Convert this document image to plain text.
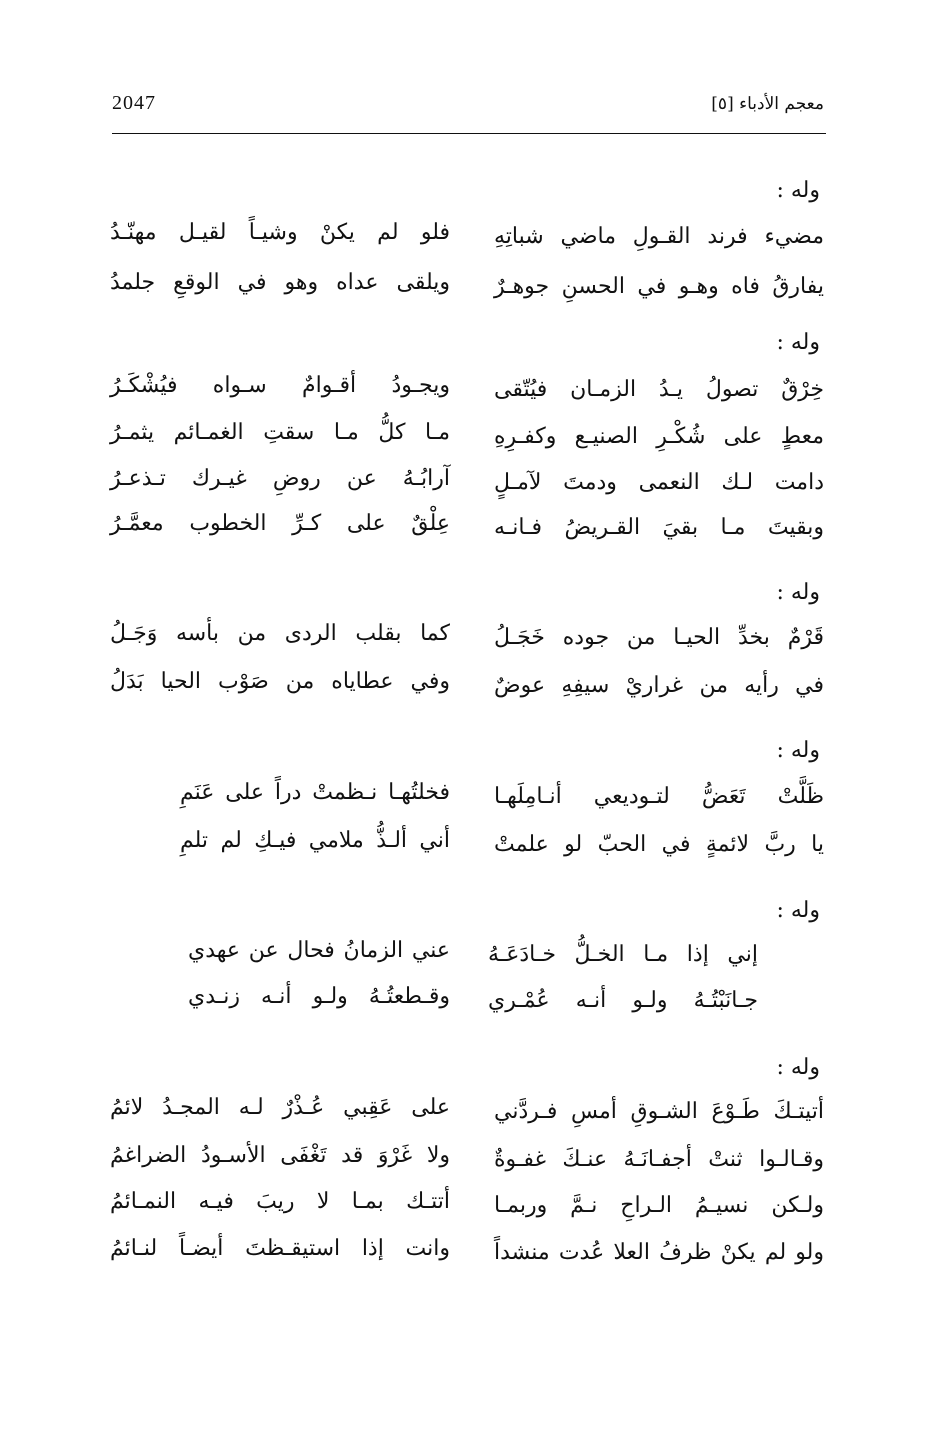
2047	معجم الأدباء [٥]
وله :
مضيء فرند القـولِ ماضي شباتِهِ
فلو لم يكنْ وشيـاً لقيـل مهنّـدُ
يفارقُ فاه وهـو في الحسنِ جوهـرٌ
ويلقى عداه وهو في الوقعِ جلمدُ
وله :
خِرْقٌ تصولُ يـدُ الزمـان فيُتّقى
ويجـودُ أقـوامٌ سـواه فيُشْكَـرُ
معطٍ على شُكْـرِ الصنيـع وكفـرِهِ
مـا كلُّ مـا سقتِ الغمـائم يثمـرُ
دامت لـك النعمى ودمتَ لآمـلٍ
آرابُـهُ عن روضِ غيـرك تـذعـرُ
وبقيتَ مـا بقيَ القـريضُ فـانـه
عِلْقٌ على كـرِّ الخطوب معمَّـرُ
وله :
قَرْمٌ بخدِّ الحيـا من جوده خَجَـلُ
كما بقلب الردى من بأسه وَجَـلُ
في رأيه من غراريْ سيفِهِ عوضٌ
وفي عطاياه من صَوْب الحيا بَدَلُ
وله :
ظَلَّتْ تَعَضُّ لتـوديعي أنـامِلَهـا
فخلتُهـا نـظمتْ دراً على عَنَمِ
يا ربَّ لائمةٍ في الحبّ لو علمتْ
أني ألـذُّ ملامي فيـكِ لم تلمِ
وله :
إني إذا مـا الخـلُّ خـادَعَـهُ
عني الزمانُ فحال عن عهدي
جـانَبْتُـهُ ولـو أنـه عُمْـري
وقـطعتُـهُ ولـو أنـه زنـدي
وله :
أتيتـكَ طَـوْعَ الشـوقِ أمسِ فـردَّني
على عَقِبي عُـذْرٌ لـه المجـدُ لائمُ
وقـالـوا ثنتْ أجفـانَـهُ عنـكَ غفـوةٌ
ولا غَرْوَ قد تَغْفَى الأسـودُ الضراغمُ
ولـكن نسيـمُ الـراحِ نـمَّ وربمـا
أتتـك بمـا لا ريبَ فيـه النمـائمُ
ولو لم يكنْ ظرفُ العلا عُدت منشداً
وانت إذا استيقـظتَ أيضـاً لنـائمُ
